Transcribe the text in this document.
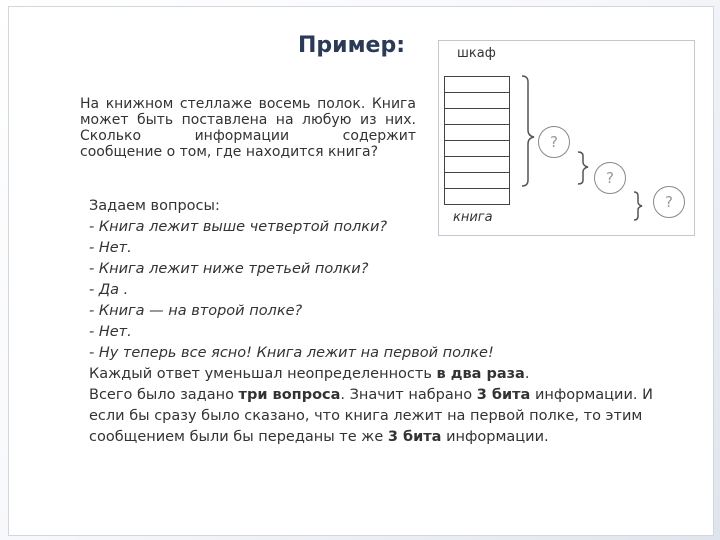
Пример:
На книжном стеллаже восемь полок. Книга может быть поставлена на любую из них. Сколько информации содержит
сообщение о том, где находится книга?
шкаф
книга
?
?
?
Задаем вопросы:
- Книга лежит выше четвертой полки?
- Нет.
- Книга лежит ниже третьей полки?
- Да .
- Книга — на второй полке?
- Нет.
- Ну теперь все ясно! Книга лежит на первой полке!
Каждый ответ уменьшал неопределенность в два раза.
Всего было задано три вопроса. Значит набрано 3 бита информации. И
если бы сразу было сказано, что книга лежит на первой полке, то этим
сообщением были бы переданы те же 3 бита информации.
